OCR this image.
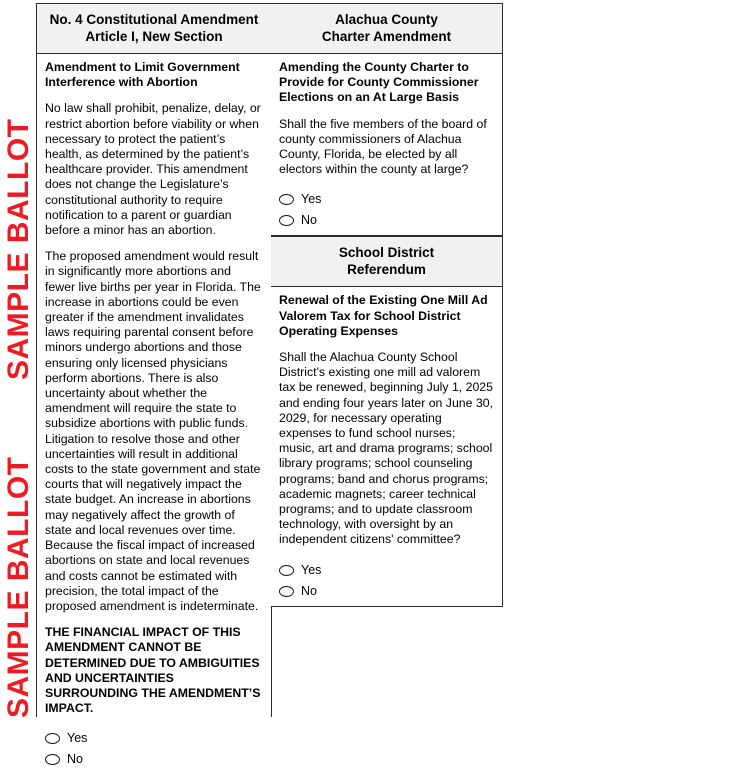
SAMPLE BALLOT
SAMPLE BALLOT
No. 4 Constitutional Amendment
Article I, New Section

Amendment to Limit Government Interference with Abortion

No law shall prohibit, penalize, delay, or restrict abortion before viability or when necessary to protect the patient’s health, as determined by the patient’s healthcare provider. This amendment does not change the Legislature’s constitutional authority to require notification to a parent or guardian before a minor has an abortion.

The proposed amendment would result in significantly more abortions and fewer live births per year in Florida. The increase in abortions could be even greater if the amendment invalidates laws requiring parental consent before minors undergo abortions and those ensuring only licensed physicians perform abortions. There is also uncertainty about whether the amendment will require the state to subsidize abortions with public funds. Litigation to resolve those and other uncertainties will result in additional costs to the state government and state courts that will negatively impact the state budget. An increase in abortions may negatively affect the growth of state and local revenues over time. Because the fiscal impact of increased abortions on state and local revenues and costs cannot be estimated with precision, the total impact of the proposed amendment is indeterminate.

THE FINANCIAL IMPACT OF THIS AMENDMENT CANNOT BE DETERMINED DUE TO AMBIGUITIES AND UNCERTAINTIES SURROUNDING THE AMENDMENT’S IMPACT.

Yes
No
Alachua County
Charter Amendment

Amending the County Charter to Provide for County Commissioner Elections on an At Large Basis

Shall the five members of the board of county commissioners of Alachua County, Florida, be elected by all electors within the county at large?

Yes
No
School District
Referendum

Renewal of the Existing One Mill Ad Valorem Tax for School District Operating Expenses

Shall the Alachua County School District's existing one mill ad valorem tax be renewed, beginning July 1, 2025 and ending four years later on June 30, 2029, for necessary operating expenses to fund school nurses; music, art and drama programs; school library programs; school counseling programs; band and chorus programs; academic magnets; career technical programs; and to update classroom technology, with oversight by an independent citizens' committee?

Yes
No
